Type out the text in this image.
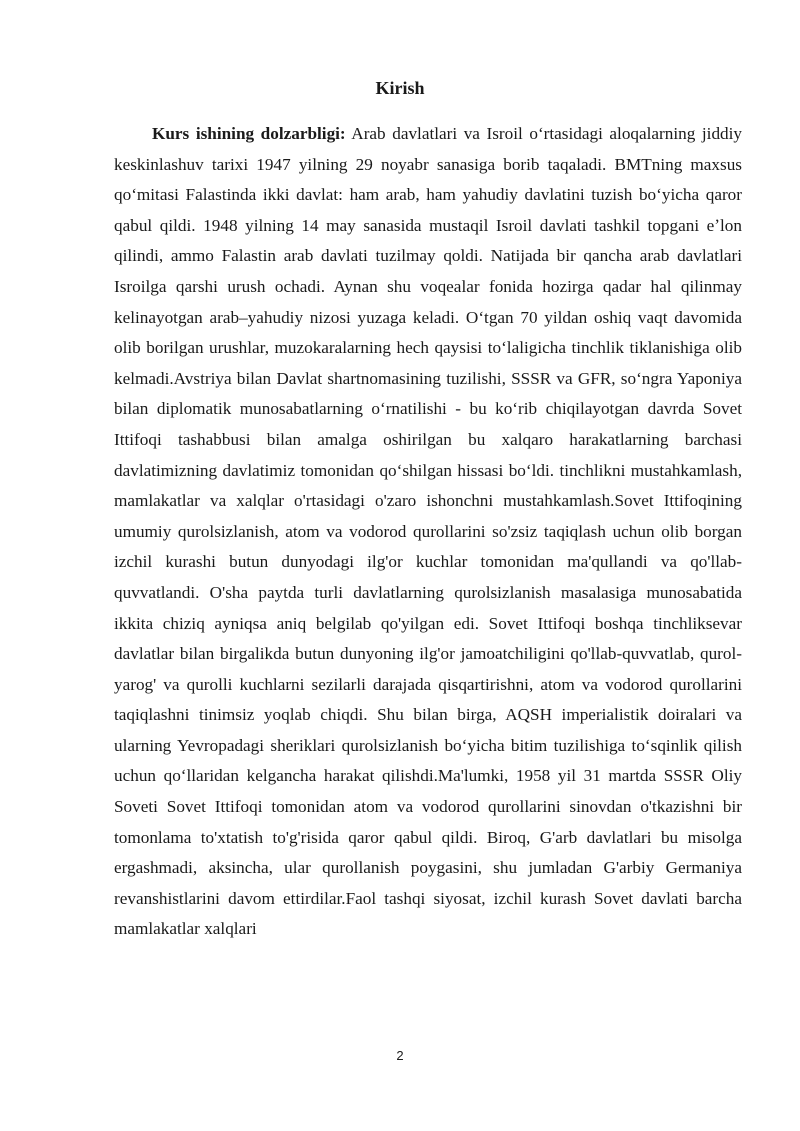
Kirish

Kurs ishining dolzarbligi: Arab davlatlari va Isroil oʻrtasidagi aloqalarning jiddiy keskinlashuv tarixi 1947 yilning 29 noyabr sanasiga borib taqaladi. BMTning maxsus qoʻmitasi Falastinda ikki davlat: ham arab, ham yahudiy davlatini tuzish boʻyicha qaror qabul qildi. 1948 yilning 14 may sanasida mustaqil Isroil davlati tashkil topgani eʼlon qilindi, ammo Falastin arab davlati tuzilmay qoldi. Natijada bir qancha arab davlatlari Isroilga qarshi urush ochadi. Aynan shu voqealar fonida hozirga qadar hal qilinmay kelinayotgan arab–yahudiy nizosi yuzaga keladi. Oʻtgan 70 yildan oshiq vaqt davomida olib borilgan urushlar, muzokaralarning hech qaysisi toʻlaligicha tinchlik tiklanishiga olib kelmadi.Avstriya bilan Davlat shartnomasining tuzilishi, SSSR va GFR, soʻngra Yaponiya bilan diplomatik munosabatlarning oʻrnatilishi - bu koʻrib chiqilayotgan davrda Sovet Ittifoqi tashabbusi bilan amalga oshirilgan bu xalqaro harakatlarning barchasi davlatimizning davlatimiz tomonidan qoʻshilgan hissasi boʻldi. tinchlikni mustahkamlash, mamlakatlar va xalqlar o'rtasidagi o'zaro ishonchni mustahkamlash.Sovet Ittifoqining umumiy qurolsizlanish, atom va vodorod qurollarini so'zsiz taqiqlash uchun olib borgan izchil kurashi butun dunyodagi ilg'or kuchlar tomonidan ma'qullandi va qo'llab-quvvatlandi. O'sha paytda turli davlatlarning qurolsizlanish masalasiga munosabatida ikkita chiziq ayniqsa aniq belgilab qo'yilgan edi. Sovet Ittifoqi boshqa tinchliksevar davlatlar bilan birgalikda butun dunyoning ilg'or jamoatchiligini qo'llab-quvvatlab, qurol-yarog' va qurolli kuchlarni sezilarli darajada qisqartirishni, atom va vodorod qurollarini taqiqlashni tinimsiz yoqlab chiqdi. Shu bilan birga, AQSH imperialistik doiralari va ularning Yevropadagi sheriklari qurolsizlanish boʻyicha bitim tuzilishiga toʻsqinlik qilish uchun qoʻllaridan kelgancha harakat qilishdi.Ma'lumki, 1958 yil 31 martda SSSR Oliy Soveti Sovet Ittifoqi tomonidan atom va vodorod qurollarini sinovdan o'tkazishni bir tomonlama to'xtatish to'g'risida qaror qabul qildi. Biroq, G'arb davlatlari bu misolga ergashmadi, aksincha, ular qurollanish poygasini, shu jumladan G'arbiy Germaniya revanshistlarini davom ettirdilar.Faol tashqi siyosat, izchil kurash Sovet davlati barcha mamlakatlar xalqlari

2
